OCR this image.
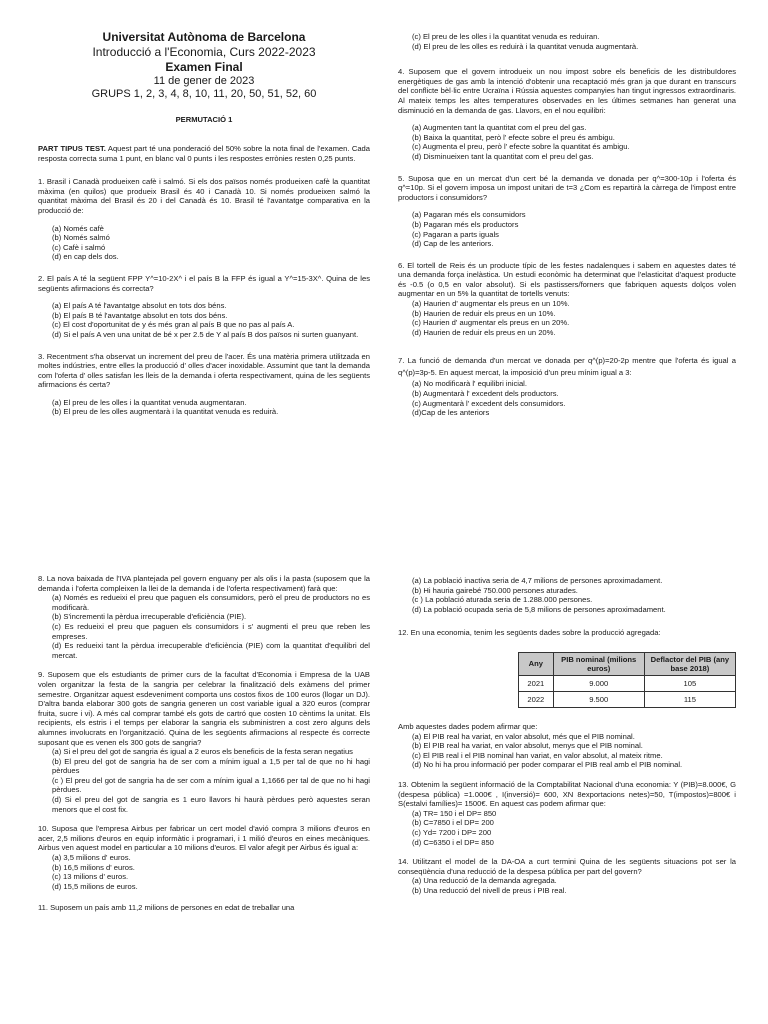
Universitat Autònoma de Barcelona
Introducció a l'Economia, Curs 2022-2023
Examen Final
11 de gener de 2023
GRUPS 1, 2, 3, 4, 8, 10, 11, 20, 50, 51, 52, 60
PERMUTACIÓ 1

PART TIPUS TEST. Aquest part té una ponderació del 50% sobre la nota final de l'examen. Cada resposta correcta suma 1 punt, en blanc val 0 punts i les respostes errònies resten 0,25 punts.

1. Brasil i Canadà produeixen cafè i salmó. Si els dos països només produeixen cafè la quantitat màxima (en quilos) que produeix Brasil és 40 i Canadà 10. Si només produeixen salmó la quantitat màxima del Brasil és 20 i del Canadà és 10. Brasil té l'avantatge comparativa en la producció de:

(a) Només cafè
(b) Només salmó
(c) Cafè i salmó
(d) en cap dels dos.

2. El país A té la següent FPP Y^=10-2X^ i el país B la FFP és igual a Y^=15-3X^. Quina de les següents afirmacions és correcta?

(a) El país A té l'avantatge absolut en tots dos béns.
(b) El país B té l'avantatge absolut en tots dos béns.
(c) El cost d'oportunitat de y és més gran al país B que no pas al país A.
(d) Si el país A ven una unitat de bé x per 2.5 de Y al país B dos països ni surten guanyant.

3. Recentment s'ha observat un increment del preu de l'acer. És una matèria primera utilitzada en moltes indústries, entre elles la producció d' olles d'acer inoxidable. Assumint que tant la demanda com l'oferta d' olles satisfan les lleis de la demanda i oferta respectivament, quina de les següents afirmacions és certa?

(a) El preu de les olles i la quantitat venuda augmentaran.
(b) El preu de les olles augmentarà i la quantitat venuda es reduirà.
(c) El preu de les olles i la quantitat venuda es reduiran.
(d) El preu de les olles es reduirà i la quantitat venuda augmentarà.

4. Suposem que el govern introdueix un nou impost sobre els beneficis de les distribuïdores energètiques de gas amb la intenció d'obtenir una recaptació més gran ja que durant en transcurs del conflicte bèl·lic entre Ucraïna i Rússia aquestes companyies han tingut ingressos extraordinaris. Al mateix temps les altes temperatures observades en les últimes setmanes han generat una disminució en la demanda de gas. Llavors, en el nou equilibri:

(a) Augmenten tant la quantitat com el preu del gas.
(b) Baixa la quantitat, però l' efecte sobre el preu és ambigu.
(c) Augmenta el preu, però l' efecte sobre la quantitat és ambigu.
(d) Disminueixen tant la quantitat com el preu del gas.

5. Suposa que en un mercat d'un cert bé la demanda ve donada per q^=300-10p i l'oferta és q^=10p. Si el govern imposa un impost unitari de t=3 ¿Com es repartirà la càrrega de l'impost entre productors i consumidors?

(a) Pagaran més els consumidors
(b) Pagaran més els productors
(c) Pagaran a parts iguals
(d) Cap de les anteriors.

6. El tortell de Reis és un producte típic de les festes nadalenques i sabem en aquestes dates té una demanda força inelàstica. Un estudi econòmic ha determinat que l'elasticitat d'aquest producte és -0.5 (o 0,5 en valor absolut). Si els pastissers/forners que fabriquen aquests dolços volen augmentar en un 5% la quantitat de tortells venuts:

(a) Haurien d' augmentar els preus en un 10%.
(b) Haurien de reduir els preus en un 10%.
(c) Haurien d' augmentar els preus en un 20%.
(d) Haurien de reduir els preus en un 20%.

7. La funció de demanda d'un mercat ve donada per q^(p)=20-2p mentre que l'oferta és igual a q^(p)=3p-5. En aquest mercat, la imposició d'un preu mínim igual a 3:

(a) No modificarà l' equilibri inicial.
(b) Augmentarà l' excedent dels productors.
(c) Augmentarà l' excedent dels consumidors.
(d)Cap de les anteriors

8. La nova baixada de l'IVA plantejada pel govern enguany per als olis i la pasta (suposem que la demanda i l'oferta compleixen la llei de la demanda i de l'oferta respectivament) farà que:

(a) Només es redueixi el preu que paguen els consumidors, però el preu de productors no es modificarà.
(b) S'incrementi la pèrdua irrecuperable d'eficiència (PIE).
(c) Es redueixi el preu que paguen els consumidors i s' augmenti el preu que reben les empreses.
(d) Es redueixi tant la pèrdua irrecuperable d'eficiència (PIE) com la quantitat d'equilibri del mercat.

9. Suposem que els estudiants de primer curs de la facultat d'Economia i Empresa de la UAB volen organitzar la festa de la sangria per celebrar la finalització dels exàmens del primer semestre. Organitzar aquest esdeveniment comporta uns costos fixos de 100 euros (llogar un DJ). D'altra banda elaborar 300 gots de sangria generen un cost variable igual a 320 euros (comprar fruita, sucre i vi). A més cal comprar també els gots de cartró que costen 10 cèntims la unitat. Els recipients, els estris i el temps per elaborar la sangria els subministren a cost zero alguns dels alumnes involucrats en l'organització. Quina de les següents afirmacions al respecte és correcte suposant que es venen els 300 gots de sangria?

(a) Si el preu del got de sangria és igual a 2 euros els beneficis de la festa seran negatius
(b) El preu del got de sangria ha de ser com a mínim igual a 1,5 per tal de que no hi hagi pèrdues
(c ) El preu del got de sangria ha de ser com a mínim igual a 1,1666 per tal de que no hi hagi pèrdues.
(d) Si el preu del got de sangria es 1 euro llavors hi haurà pèrdues però aquestes seran menors que el cost fix.

10. Suposa que l'empresa Airbus per fabricar un cert model d'avió compra 3 milions d'euros en acer, 2,5 milions d'euros en equip informàtic i programari, i 1 milió d'euros en eines mecàniques. Airbus ven aquest model en particular a 10 milions d'euros. El valor afegit per Airbus és igual a:

(a) 3,5 milions d' euros.
(b) 16,5 milions d' euros.
(c) 13 milions d' euros.
(d) 15,5 milions de euros.

11. Suposem un país amb 11,2 milions de persones en edat de treballar una

(a) La població inactiva seria de 4,7 milions de persones aproximadament.
(b) Hi hauria gairebé 750.000 persones aturades.
(c ) La població aturada seria de 1.288.000 persones.
(d) La població ocupada seria de 5,8 milions de persones aproximadament.

12. En una economia, tenim les següents dades sobre la producció agregada:

Any	PIB nominal (milions euros)	Deflactor del PIB (any base 2018)
2021	9.000	105
2022	9.500	115

Amb aquestes dades podem afirmar que:

(a) El PIB real ha variat, en valor absolut, més que el PIB nominal.
(b) El PIB real ha variat, en valor absolut, menys que el PIB nominal.
(c) El PIB real i el PIB nominal han variat, en valor absolut, al mateix ritme.
(d) No hi ha prou informació per poder comparar el PIB real amb el PIB nominal.

13. Obtenim la següent informació de la Comptabilitat Nacional d'una economia: Y (PIB)=8.000€, G (despesa pública) =1.000€ , I(inversió)= 600, XN 8exportacions netes)=50, T(impostos)=800€ i S(estalvi famílies)= 1500€. En aquest cas podem afirmar que:

(a) TR= 150 i el DP= 850
(b) C=7850 i el DP= 200
(c) Yd= 7200 i DP= 200
(d) C=6350 i el DP= 850

14. Utilitzant el model de la DA-OA a curt termini Quina de les següents situacions pot ser la conseqüència d'una reducció de la despesa pública per part del govern?

(a) Una reducció de la demanda agregada.
(b) Una reducció del nivell de preus i PIB real.
